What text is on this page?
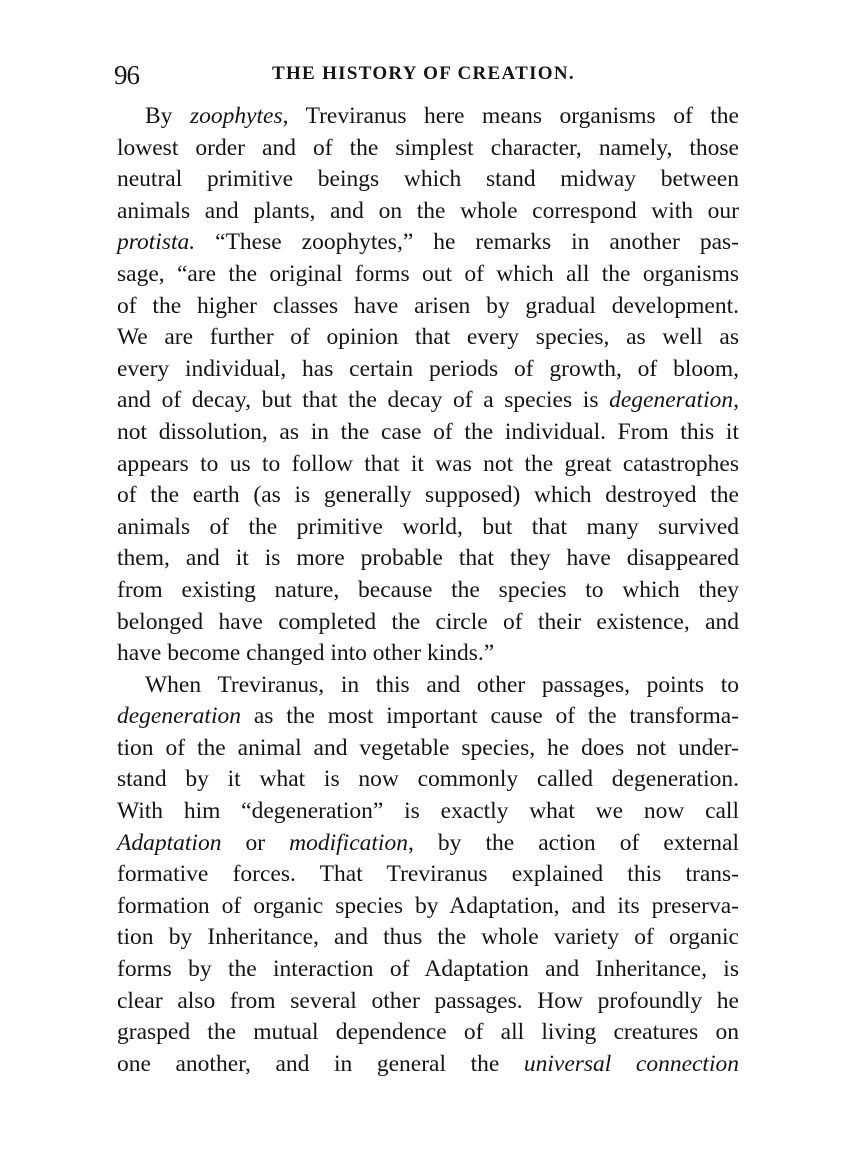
96	THE HISTORY OF CREATION.

By zoophytes, Treviranus here means organisms of the
lowest order and of the simplest character, namely, those
neutral primitive beings which stand midway between
animals and plants, and on the whole correspond with our
protista. “These zoophytes,” he remarks in another pas-
sage, “are the original forms out of which all the organisms
of the higher classes have arisen by gradual development.
We are further of opinion that every species, as well as
every individual, has certain periods of growth, of bloom,
and of decay, but that the decay of a species is degeneration,
not dissolution, as in the case of the individual. From this it
appears to us to follow that it was not the great catastrophes
of the earth (as is generally supposed) which destroyed the
animals of the primitive world, but that many survived
them, and it is more probable that they have disappeared
from existing nature, because the species to which they
belonged have completed the circle of their existence, and
have become changed into other kinds.”

When Treviranus, in this and other passages, points to
degeneration as the most important cause of the transforma-
tion of the animal and vegetable species, he does not under-
stand by it what is now commonly called degeneration.
With him “degeneration” is exactly what we now call
Adaptation or modification, by the action of external
formative forces. That Treviranus explained this trans-
formation of organic species by Adaptation, and its preserva-
tion by Inheritance, and thus the whole variety of organic
forms by the interaction of Adaptation and Inheritance, is
clear also from several other passages. How profoundly he
grasped the mutual dependence of all living creatures on
one another, and in general the universal connection
